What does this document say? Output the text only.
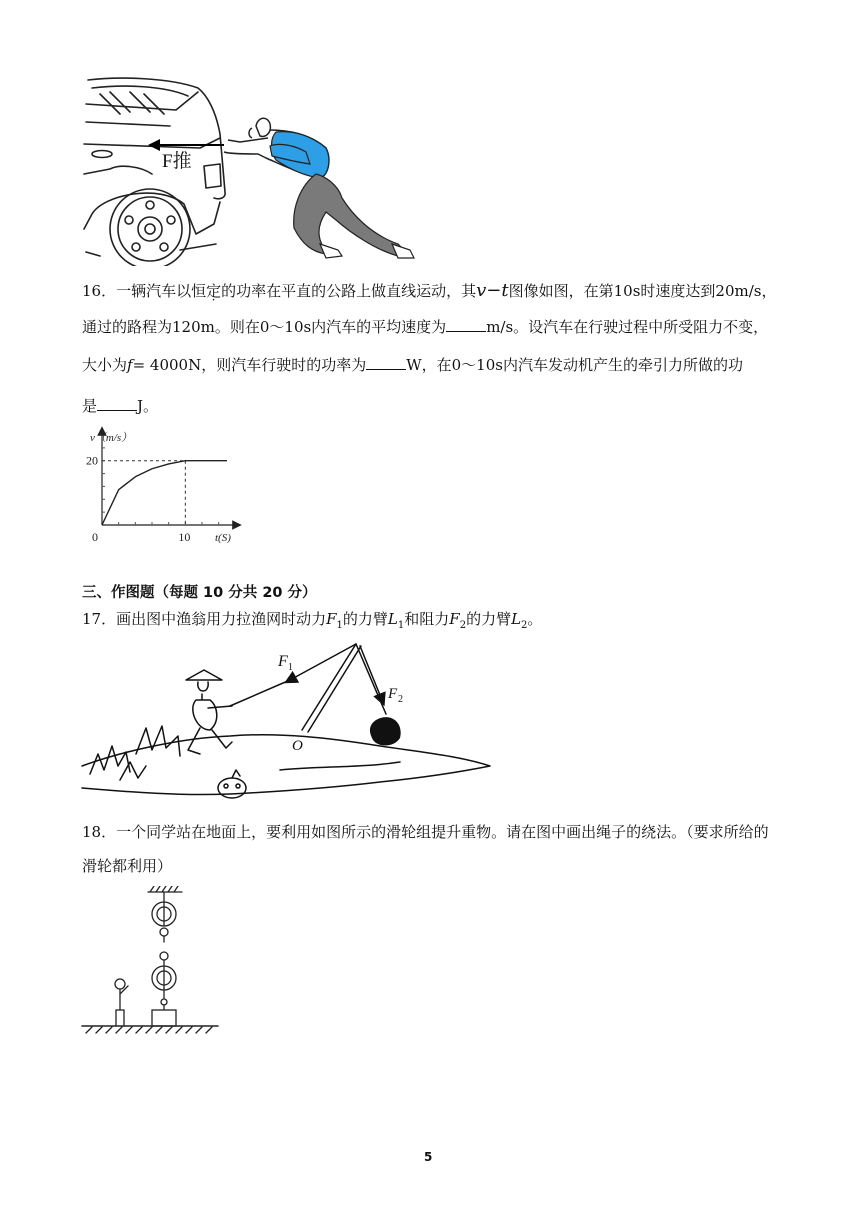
F推
16．一辆汽车以恒定的功率在平直的公路上做直线运动，其v−t图像如图，在第10s时速度达到20m/s，
通过的路程为120m。则在0～10s内汽车的平均速度为	m/s。设汽车在行驶过程中所受阻力不变，
大小为f= 4000N，则汽车行驶时的功率为	W，在0～10s内汽车发动机产生的牵引力所做的功
是	J。
20
0	10
v（m/s）
t(S)
三、作图题（每题 10 分共 20 分）
17．画出图中渔翁用力拉渔网时动力$F_1$的力臂$L_1$和阻力$F_2$的力臂$L_2$。
F 1
F 2
O
18．一个同学站在地面上，要利用如图所示的滑轮组提升重物。请在图中画出绳子的绕法。（要求所给的
滑轮都利用）
5
